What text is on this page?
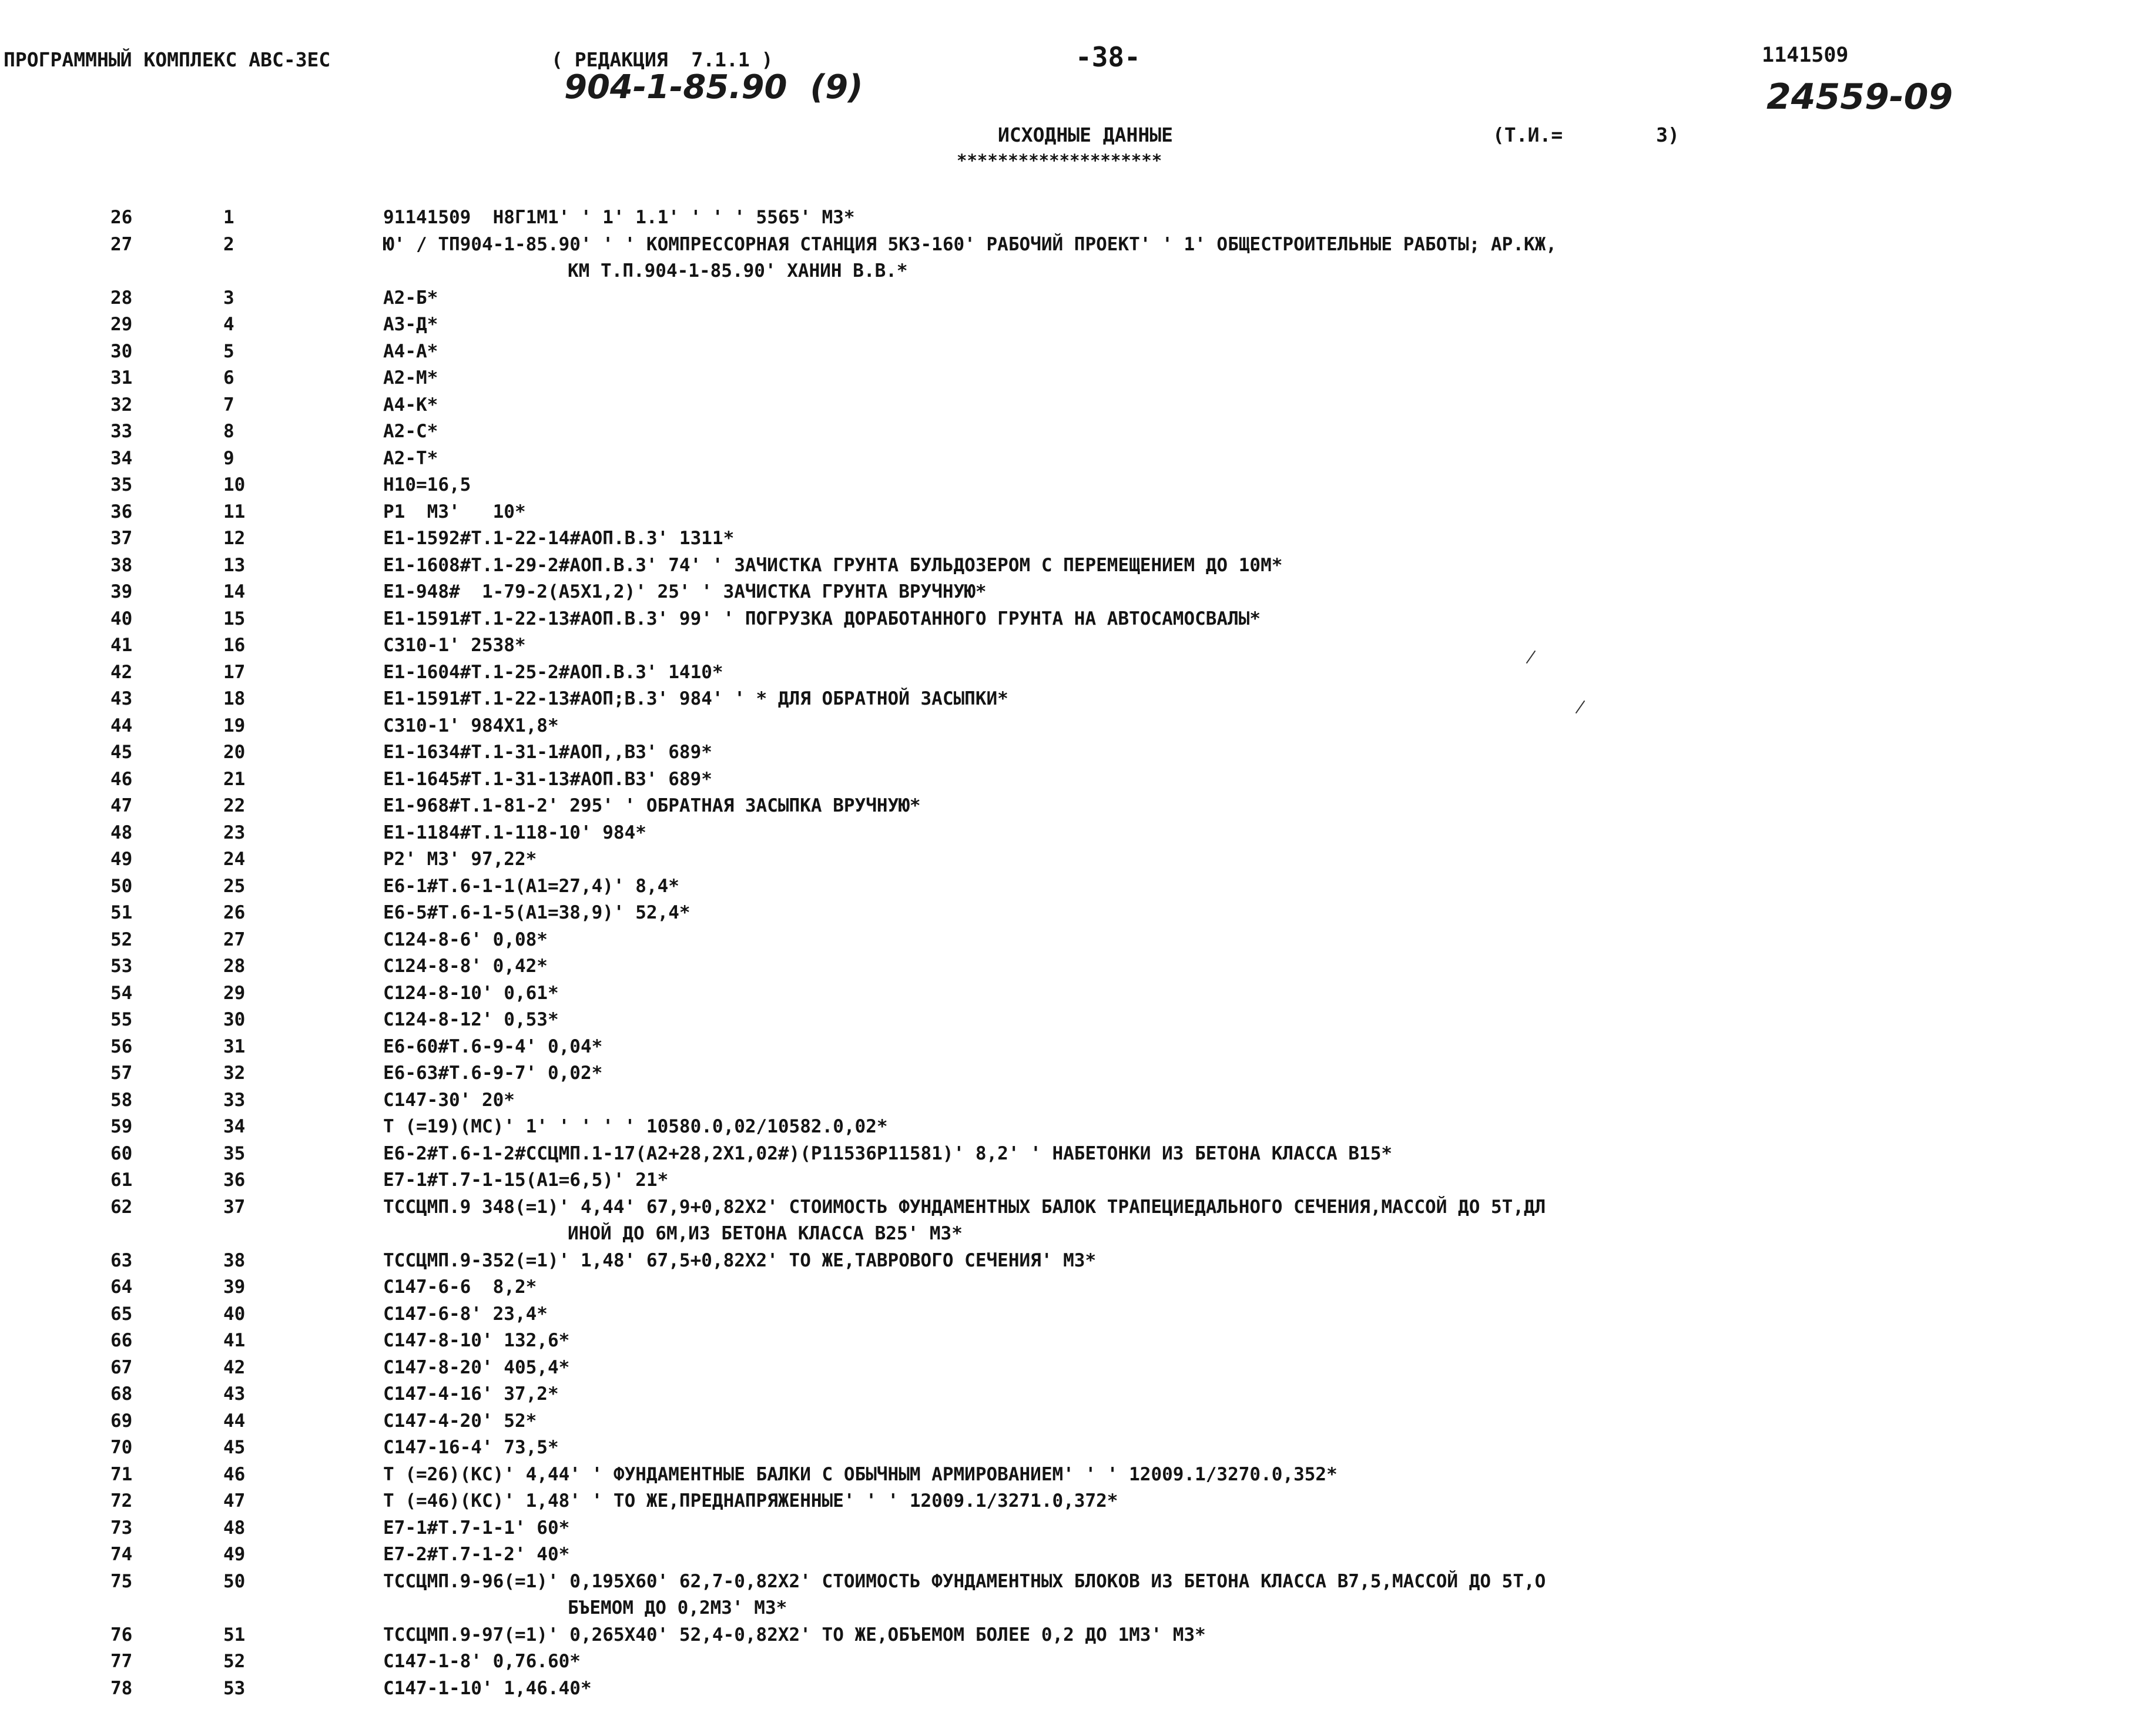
ПРОГРАММНЫЙ КОМПЛЕКС АВС-3ЕС	( РЕДАКЦИЯ  7.1.1 )	-38-	1141509
904-1-85.90  (9)	24559-09
ИСХОДНЫЕ ДАННЫЕ
********************
(Т.И.=        3)
26	1	91141509  Н8Г1М1' ' 1' 1.1' ' ' ' 5565' М3*
27	2	Ю' / ТП904-1-85.90' ' ' КОМПРЕССОРНАЯ СТАНЦИЯ 5КЗ-160' РАБОЧИЙ ПРОЕКТ' ' 1' ОБЩЕСТРОИТЕЛЬНЫЕ РАБОТЫ; АР.КЖ,
КМ Т.П.904-1-85.90' ХАНИН В.В.*
28	3	А2-Б*
29	4	А3-Д*
30	5	А4-А*
31	6	А2-М*
32	7	А4-К*
33	8	А2-С*
34	9	А2-Т*
35	10	Н10=16,5
36	11	Р1  М3'   10*
37	12	Е1-1592#Т.1-22-14#АОП.В.3' 1311*
38	13	Е1-1608#Т.1-29-2#АОП.В.3' 74' ' ЗАЧИСТКА ГРУНТА БУЛЬДОЗЕРОМ С ПЕРЕМЕЩЕНИЕМ ДО 10М*
39	14	Е1-948#  1-79-2(А5Х1,2)' 25' ' ЗАЧИСТКА ГРУНТА ВРУЧНУЮ*
40	15	Е1-1591#Т.1-22-13#АОП.В.3' 99' ' ПОГРУЗКА ДОРАБОТАННОГО ГРУНТА НА АВТОСАМОСВАЛЫ*
41	16	С310-1' 2538*
42	17	Е1-1604#Т.1-25-2#АОП.В.3' 1410*
43	18	Е1-1591#Т.1-22-13#АОП;В.3' 984' ' * ДЛЯ ОБРАТНОЙ ЗАСЫПКИ*
44	19	С310-1' 984Х1,8*
45	20	Е1-1634#Т.1-31-1#АОП,,В3' 689*
46	21	Е1-1645#Т.1-31-13#АОП.В3' 689*
47	22	Е1-968#Т.1-81-2' 295' ' ОБРАТНАЯ ЗАСЫПКА ВРУЧНУЮ*
48	23	Е1-1184#Т.1-118-10' 984*
49	24	Р2' М3' 97,22*
50	25	Е6-1#Т.6-1-1(А1=27,4)' 8,4*
51	26	Е6-5#Т.6-1-5(А1=38,9)' 52,4*
52	27	С124-8-6' 0,08*
53	28	С124-8-8' 0,42*
54	29	С124-8-10' 0,61*
55	30	С124-8-12' 0,53*
56	31	Е6-60#Т.6-9-4' 0,04*
57	32	Е6-63#Т.6-9-7' 0,02*
58	33	С147-30' 20*
59	34	Т (=19)(МС)' 1' ' ' ' ' 10580.0,02/10582.0,02*
60	35	Е6-2#Т.6-1-2#ССЦМП.1-17(А2+28,2Х1,02#)(Р11536Р11581)' 8,2' ' НАБЕТОНКИ ИЗ БЕТОНА КЛАССА В15*
61	36	Е7-1#Т.7-1-15(А1=6,5)' 21*
62	37	ТССЦМП.9 348(=1)' 4,44' 67,9+0,82Х2' СТОИМОСТЬ ФУНДАМЕНТНЫХ БАЛОК ТРАПЕЦИЕДАЛЬНОГО СЕЧЕНИЯ,МАССОЙ ДО 5Т,ДЛ
ИНОЙ ДО 6М,ИЗ БЕТОНА КЛАССА В25' М3*
63	38	ТССЦМП.9-352(=1)' 1,48' 67,5+0,82Х2' ТО ЖЕ,ТАВРОВОГО СЕЧЕНИЯ' М3*
64	39	С147-6-6  8,2*
65	40	С147-6-8' 23,4*
66	41	С147-8-10' 132,6*
67	42	С147-8-20' 405,4*
68	43	С147-4-16' 37,2*
69	44	С147-4-20' 52*
70	45	С147-16-4' 73,5*
71	46	Т (=26)(КС)' 4,44' ' ФУНДАМЕНТНЫЕ БАЛКИ С ОБЫЧНЫМ АРМИРОВАНИЕМ' ' ' 12009.1/3270.0,352*
72	47	Т (=46)(КС)' 1,48' ' ТО ЖЕ,ПРЕДНАПРЯЖЕННЫЕ' ' ' 12009.1/3271.0,372*
73	48	Е7-1#Т.7-1-1' 60*
74	49	Е7-2#Т.7-1-2' 40*
75	50	ТССЦМП.9-96(=1)' 0,195Х60' 62,7-0,82Х2' СТОИМОСТЬ ФУНДАМЕНТНЫХ БЛОКОВ ИЗ БЕТОНА КЛАССА В7,5,МАССОЙ ДО 5Т,О
БЪЕМОМ ДО 0,2М3' М3*
76	51	ТССЦМП.9-97(=1)' 0,265Х40' 52,4-0,82Х2' ТО ЖЕ,ОБЪЕМОМ БОЛЕЕ 0,2 ДО 1М3' М3*
77	52	С147-1-8' 0,76.60*
78	53	С147-1-10' 1,46.40*
